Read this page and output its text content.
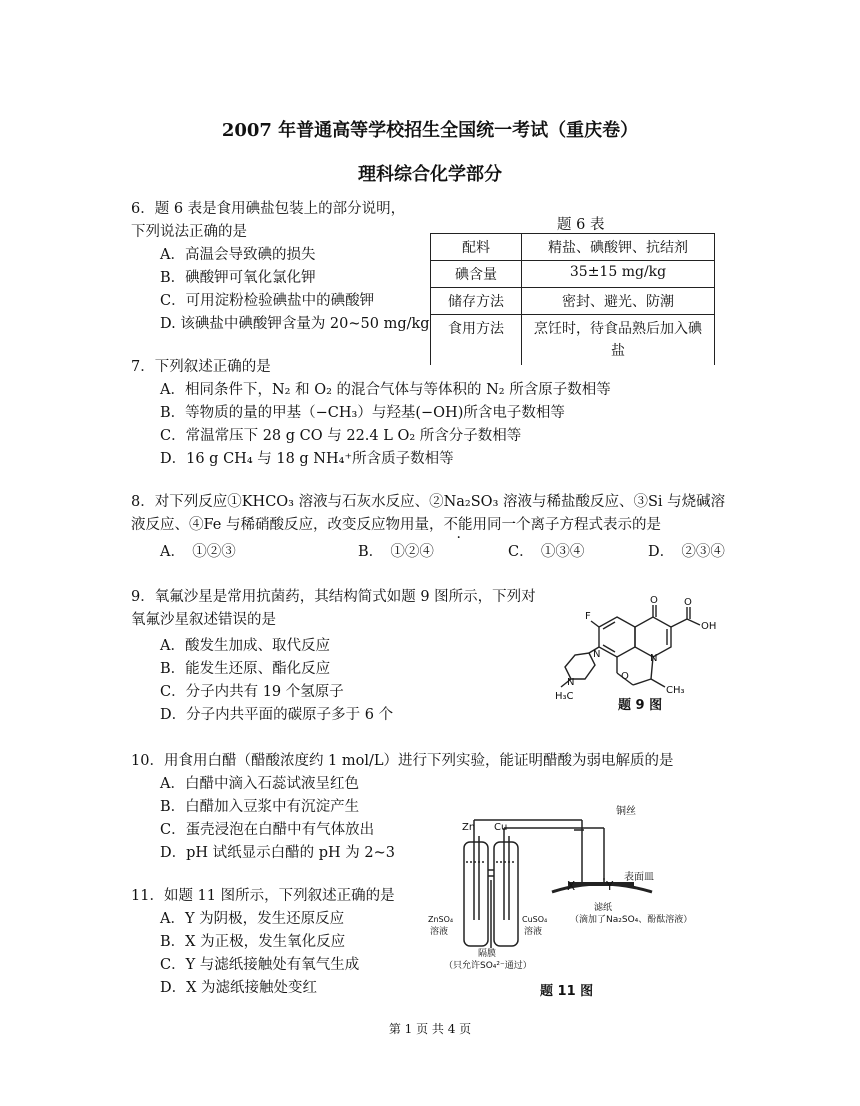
2007 年普通高等学校招生全国统一考试（重庆卷）
理科综合化学部分
6．题 6 表是食用碘盐包装上的部分说明，
下列说法正确的是
A．高温会导致碘的损失
B．碘酸钾可氧化氯化钾
C．可用淀粉检验碘盐中的碘酸钾
D. 该碘盐中碘酸钾含量为 20~50 mg/kg
题 6 表
配料	精盐、碘酸钾、抗结剂
碘含量	35±15 mg/kg
储存方法	密封、避光、防潮
食用方法	烹饪时，待食品熟后加入碘盐
7．下列叙述正确的是
A．相同条件下，N₂ 和 O₂ 的混合气体与等体积的 N₂ 所含原子数相等
B．等物质的量的甲基（−CH₃）与羟基(−OH)所含电子数相等
C．常温常压下 28 g CO 与 22.4 L O₂ 所含分子数相等
D．16 g CH₄ 与 18 g NH₄⁺所含质子数相等
8．对下列反应①KHCO₃ 溶液与石灰水反应、②Na₂SO₃ 溶液与稀盐酸反应、③Si 与烧碱溶
液反应、④Fe 与稀硝酸反应，改变反应物用量，不能用同一个离子方程式表示的是
A．　①②③	B．　①②④	C．　①③④	D．　②③④
9．氧氟沙星是常用抗菌药，其结构简式如题 9 图所示，下列对
氧氟沙星叙述错误的是
A．酸发生加成、取代反应
B．能发生还原、酯化反应
C．分子内共有 19 个氢原子
D．分子内共平面的碳原子多于 6 个
F
O	O
OH
N
O
N
N
CH₃
H₃C
题 9 图
10．用食用白醋（醋酸浓度约 1 mol/L）进行下列实验，能证明醋酸为弱电解质的是
A．白醋中滴入石蕊试液呈红色
B．白醋加入豆浆中有沉淀产生
C．蛋壳浸泡在白醋中有气体放出
D．pH 试纸显示白醋的 pH 为 2~3
11．如题 11 图所示，下列叙述正确的是
A．Y 为阴极，发生还原反应
B．X 为正极，发生氧化反应
C．Y 与滤纸接触处有氧气生成
D．X 为滤纸接触处变红
Zn Cu
铜丝
X	Y
表面皿
ZnSO₄
溶液
CuSO₄
溶液
隔膜
（只允许SO₄²⁻通过）
滤纸
（滴加了Na₂SO₄、酚酞溶液）
题 11 图
第 1 页 共 4 页
